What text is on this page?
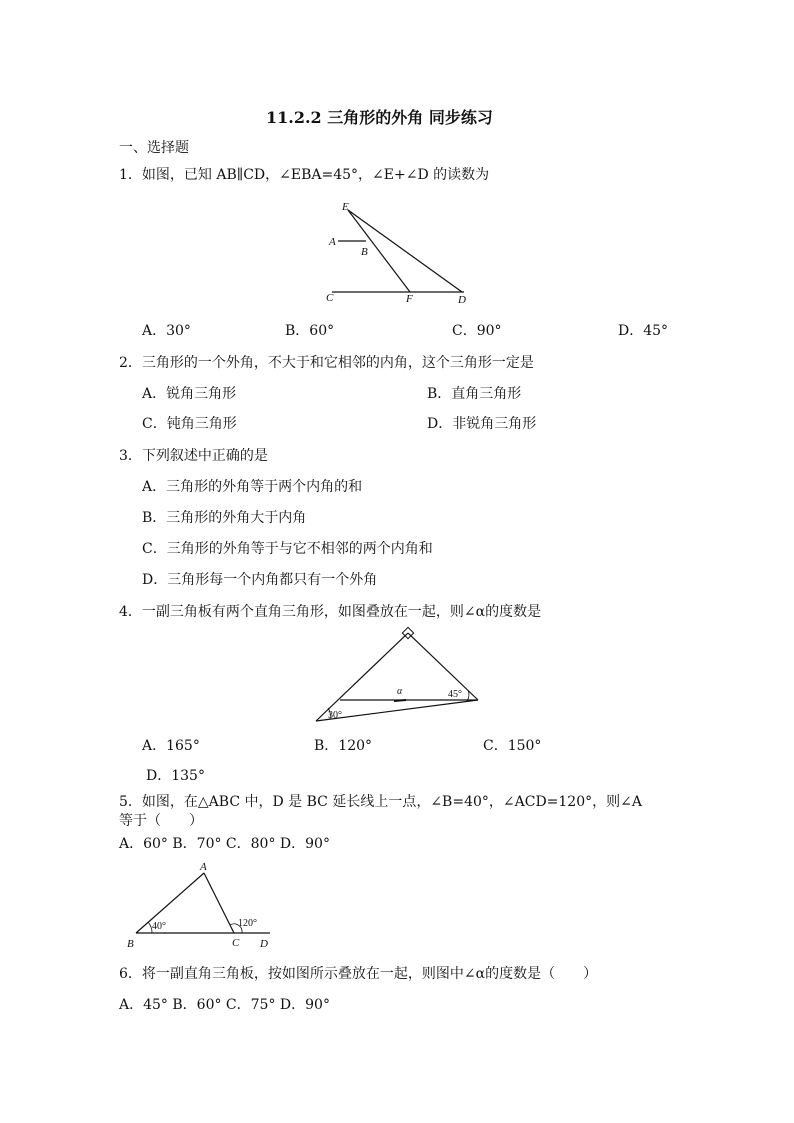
11.2.2 三角形的外角 同步练习
一、选择题
1．如图，已知 AB∥CD，∠EBA=45°，∠E+∠D 的读数为
E
A
B
C	F	D
A．30°	B．60°	C．90°	D．45°
2．三角形的一个外角，不大于和它相邻的内角，这个三角形一定是
A．锐角三角形	B．直角三角形
C．钝角三角形	D．非锐角三角形
3．下列叙述中正确的是
A．三角形的外角等于两个内角的和
B．三角形的外角大于内角
C．三角形的外角等于与它不相邻的两个内角和
D．三角形每一个内角都只有一个外角
4．一副三角板有两个直角三角形，如图叠放在一起，则∠α的度数是
α	45°
30°
A．165°	B．120°	C．150°
D．135°
5．如图，在△ABC 中，D 是 BC 延长线上一点，∠B=40°，∠ACD=120°，则∠A
等于（　　）
A．60° B．70° C．80° D．90°
A
B	C D
40°	120°
6．将一副直角三角板，按如图所示叠放在一起，则图中∠α的度数是（　　）
A．45° B．60° C．75° D．90°
